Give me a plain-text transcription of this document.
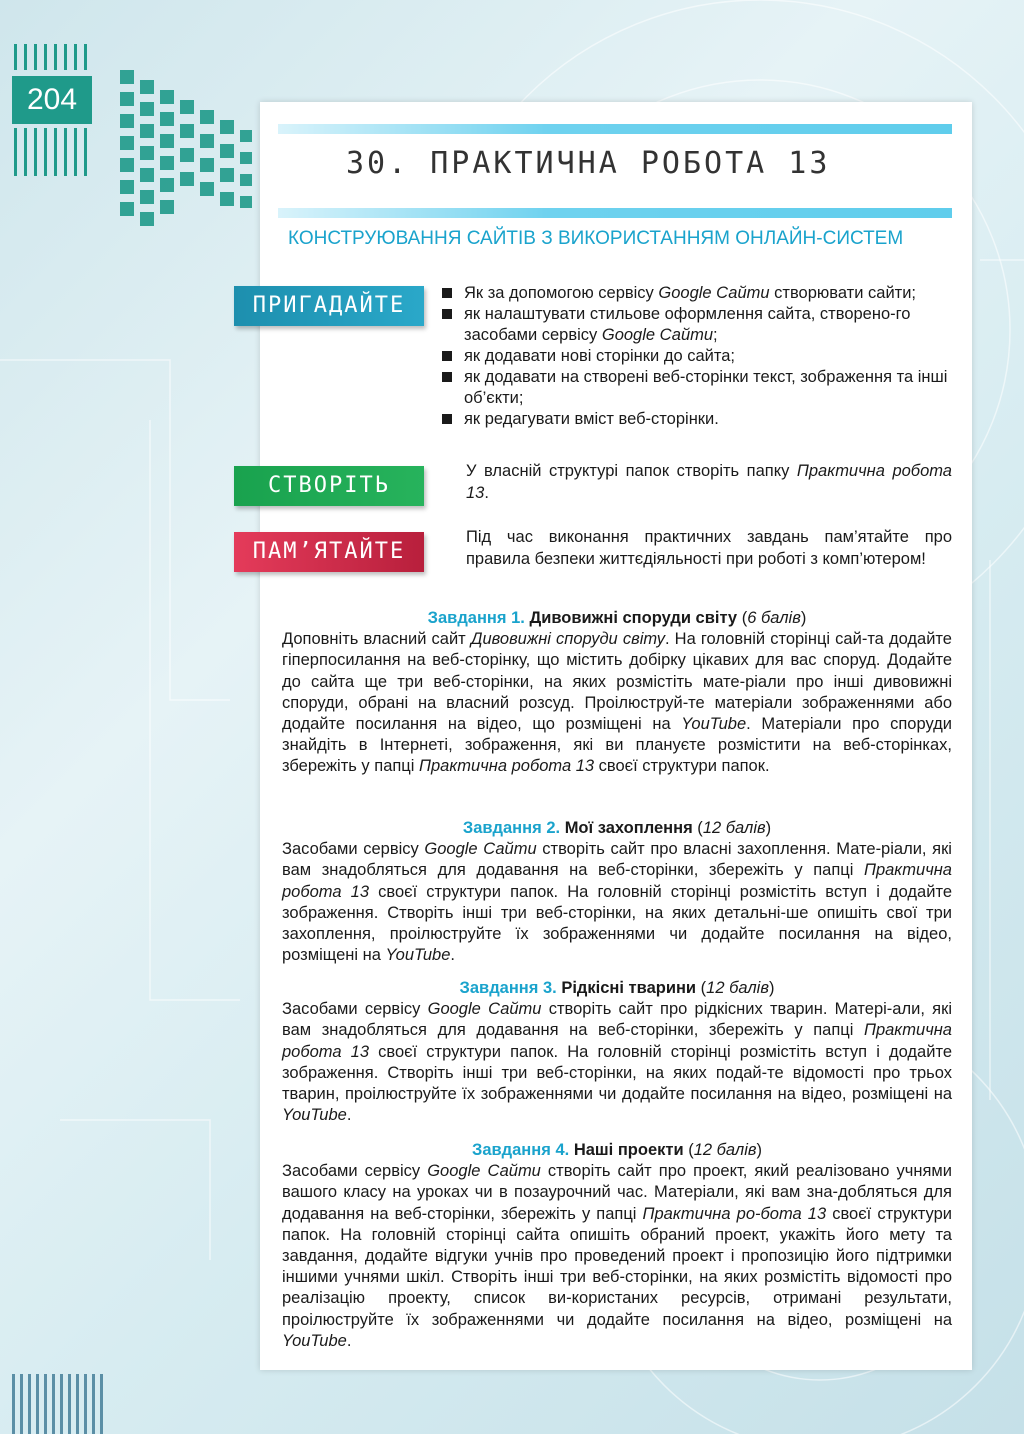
204
30. ПРАКТИЧНА РОБОТА 13
КОНСТРУЮВАННЯ САЙТІВ З ВИКОРИСТАННЯМ ОНЛАЙН-СИСТЕМ
ПРИГАДАЙТЕ
СТВОРІТЬ
ПАМ’ЯТАЙТЕ
Як за допомогою сервісу Google Сайти створювати сайти;
як налаштувати стильове оформлення сайта, створено-го засобами сервісу Google Сайти;
як додавати нові сторінки до сайта;
як додавати на створені веб-сторінки текст, зображення та інші об’єкти;
як редагувати вміст веб-сторінки.
У власній структурі папок створіть папку Практична робота 13.
Під час виконання практичних завдань пам’ятайте про правила безпеки життєдіяльності при роботі з комп’ютером!
Завдання 1. Дивовижні споруди світу (6 балів)
Доповніть власний сайт Дивовижні споруди світу. На головній сторінці сай-та додайте гіперпосилання на веб-сторінку, що містить добірку цікавих для вас споруд. Додайте до сайта ще три веб-сторінки, на яких розмістіть мате-ріали про інші дивовижні споруди, обрані на власний розсуд. Проілюструй-те матеріали зображеннями або додайте посилання на відео, що розміщені на YouTube. Матеріали про споруди знайдіть в Інтернеті, зображення, які ви плануєте розмістити на веб-сторінках, збережіть у папці Практична робота 13 своєї структури папок.
Завдання 2. Мої захоплення (12 балів)
Засобами сервісу Google Сайти створіть сайт про власні захоплення. Мате-ріали, які вам знадобляться для додавання на веб-сторінки, збережіть у папці Практична робота 13 своєї структури папок. На головній сторінці розмістіть вступ і додайте зображення. Створіть інші три веб-сторінки, на яких детальні-ше опишіть свої три захоплення, проілюструйте їх зображеннями чи додайте посилання на відео, розміщені на YouTube.
Завдання 3. Рідкісні тварини (12 балів)
Засобами сервісу Google Сайти створіть сайт про рідкісних тварин. Матері-али, які вам знадобляться для додавання на веб-сторінки, збережіть у папці Практична робота 13 своєї структури папок. На головній сторінці розмістіть вступ і додайте зображення. Створіть інші три веб-сторінки, на яких подай-те відомості про трьох тварин, проілюструйте їх зображеннями чи додайте посилання на відео, розміщені на YouTube.
Завдання 4. Наші проекти (12 балів)
Засобами сервісу Google Сайти створіть сайт про проект, який реалізовано учнями вашого класу на уроках чи в позаурочний час. Матеріали, які вам зна-добляться для додавання на веб-сторінки, збережіть у папці Практична ро-бота 13 своєї структури папок. На головній сторінці сайта опишіть обраний проект, укажіть його мету та завдання, додайте відгуки учнів про проведений проект і пропозицію його підтримки іншими учнями шкіл. Створіть інші три веб-сторінки, на яких розмістіть відомості про реалізацію проекту, список ви-користаних ресурсів, отримані результати, проілюструйте їх зображеннями чи додайте посилання на відео, розміщені на YouTube.
